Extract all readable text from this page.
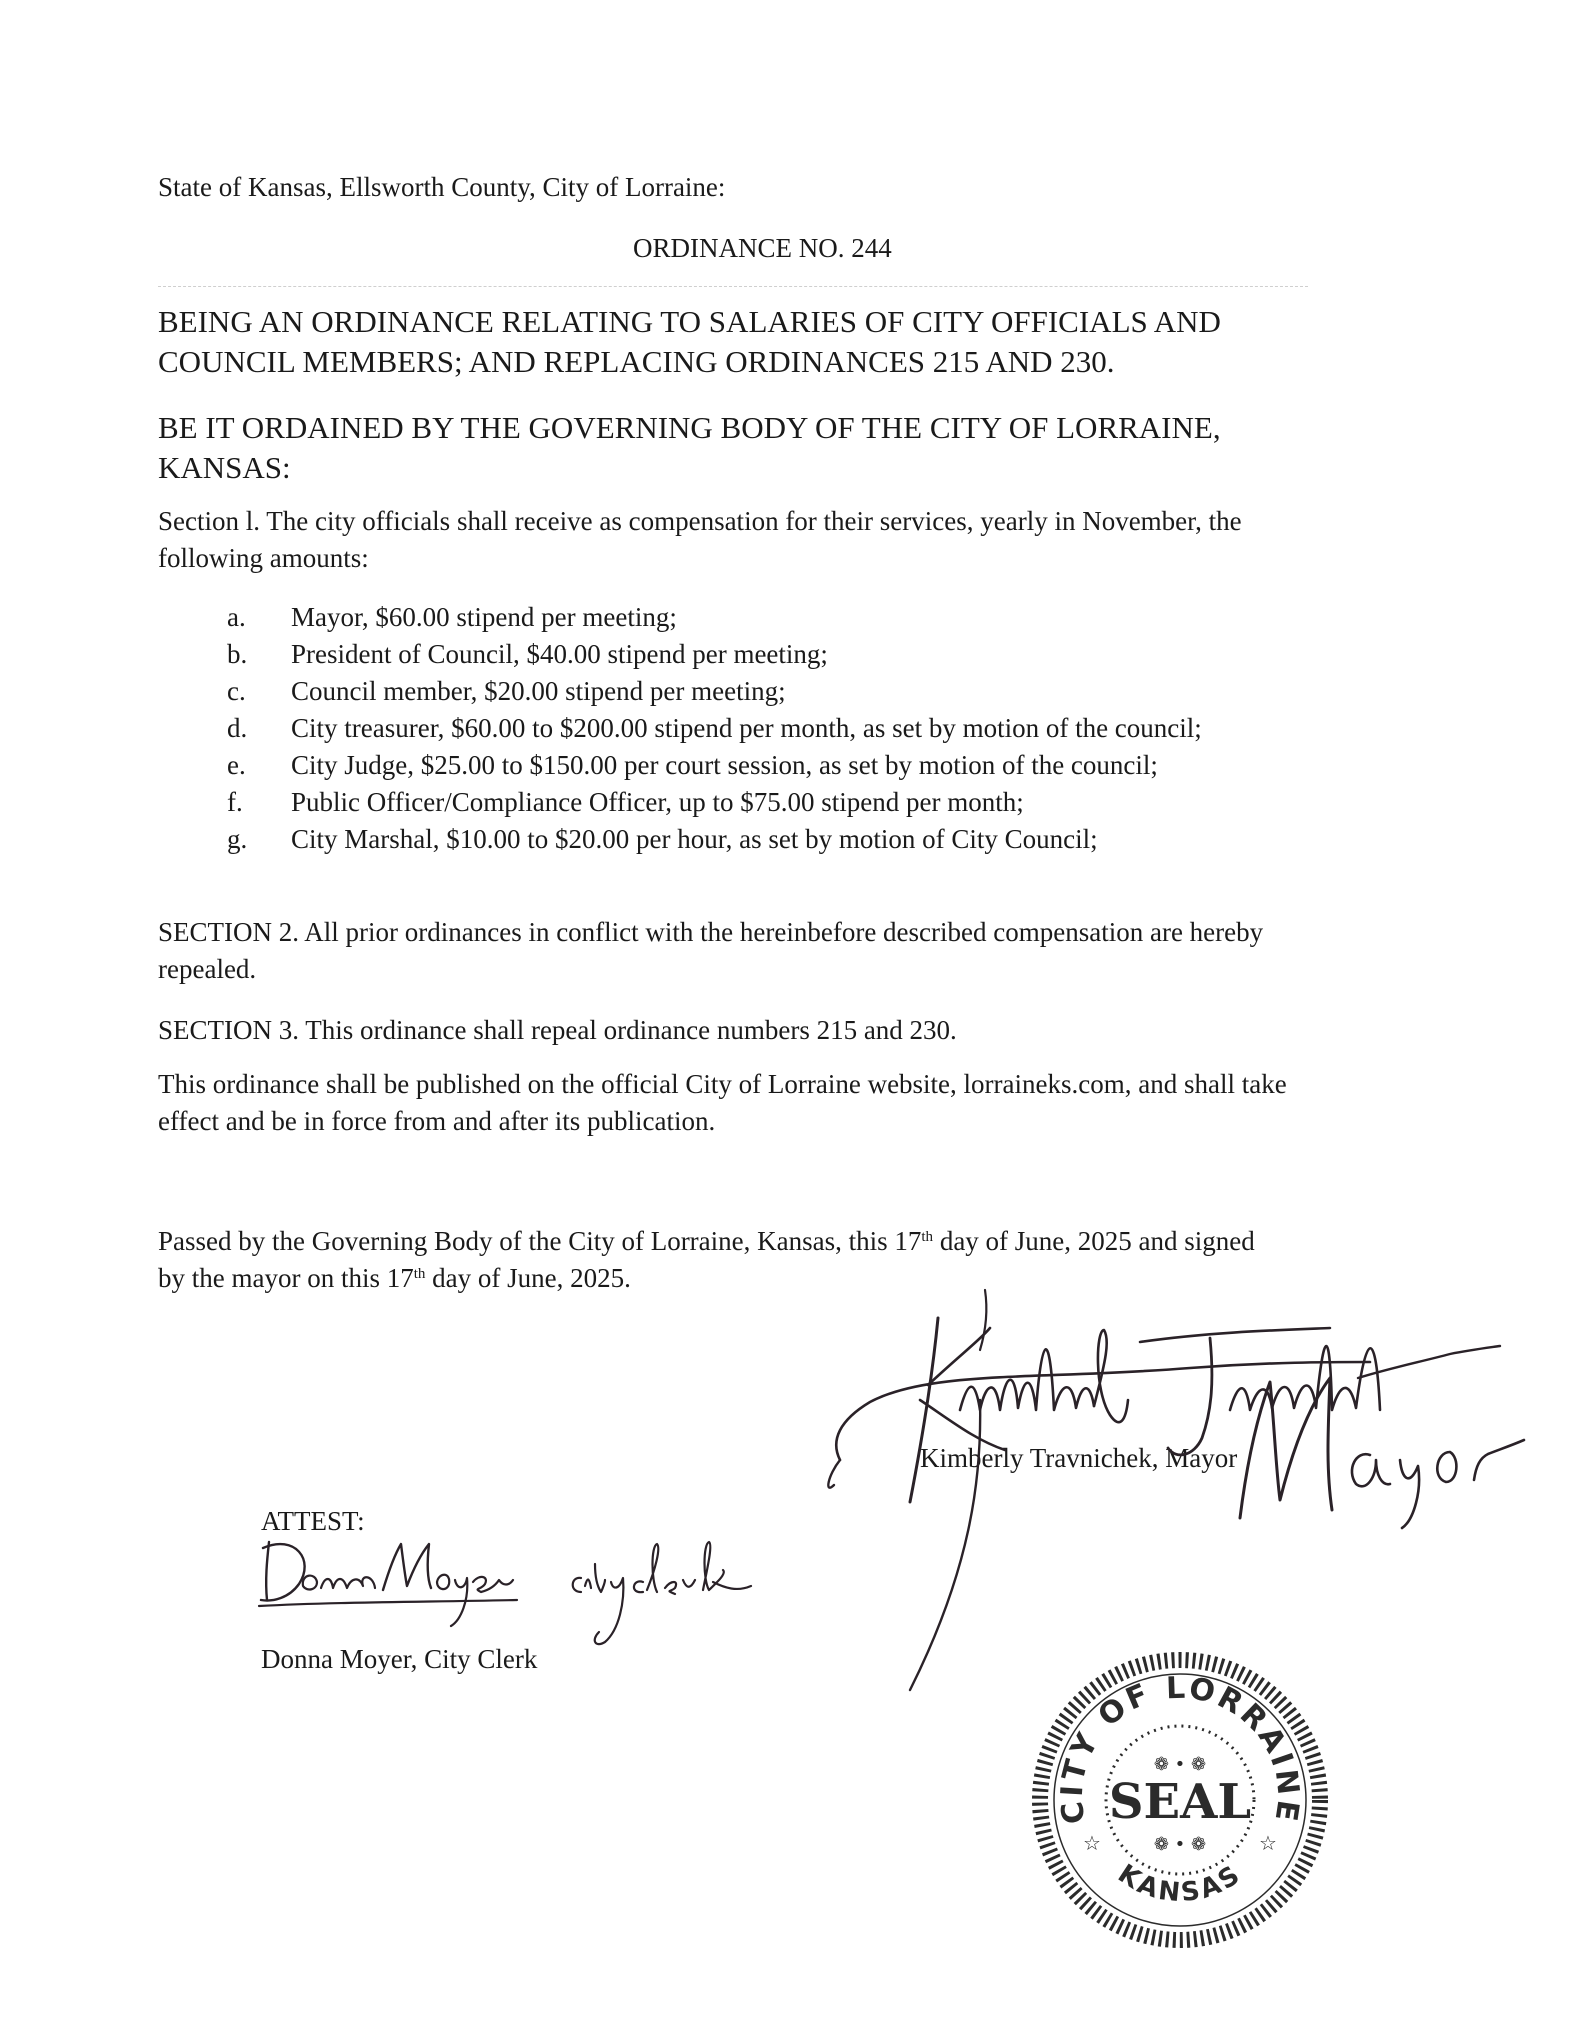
State of Kansas, Ellsworth County, City of Lorraine:

ORDINANCE NO. 244

BEING AN ORDINANCE RELATING TO SALARIES OF CITY OFFICIALS AND

COUNCIL MEMBERS; AND REPLACING ORDINANCES 215 AND 230.

BE IT ORDAINED BY THE GOVERNING BODY OF THE CITY OF LORRAINE,

KANSAS:

Section l. The city officials shall receive as compensation for their services, yearly in November, the

following amounts:

a. Mayor, $60.00 stipend per meeting;
b. President of Council, $40.00 stipend per meeting;
c. Council member, $20.00 stipend per meeting;
d. City treasurer, $60.00 to $200.00 stipend per month, as set by motion of the council;
e. City Judge, $25.00 to $150.00 per court session, as set by motion of the council;
f. Public Officer/Compliance Officer, up to $75.00 stipend per month;
g. City Marshal, $10.00 to $20.00 per hour, as set by motion of City Council;

SECTION 2. All prior ordinances in conflict with the hereinbefore described compensation are hereby

repealed.

SECTION 3. This ordinance shall repeal ordinance numbers 215 and 230.

This ordinance shall be published on the official City of Lorraine website, lorraineks.com, and shall take

effect and be in force from and after its publication.

Passed by the Governing Body of the City of Lorraine, Kansas, this 17th day of June, 2025 and signed

by the mayor on this 17th day of June, 2025.

Kimberly Travnichek, Mayor

ATTEST:

Donna Moyer, City Clerk

CITY OF LORRAINE
KANSAS
SEAL
❁ • ❁
❁ • ❁
☆	☆
